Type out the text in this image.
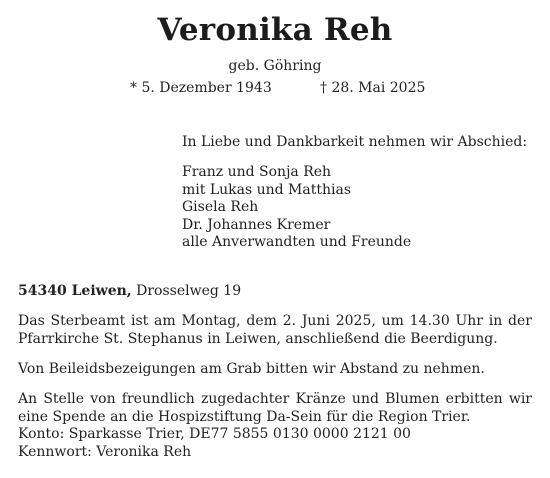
Veronika Reh
geb. Göhring
* 5. Dezember 1943	† 28. Mai 2025
In Liebe und Dankbarkeit nehmen wir Abschied:
Franz und Sonja Reh
mit Lukas und Matthias
Gisela Reh
Dr. Johannes Kremer
alle Anverwandten und Freunde
54340 Leiwen, Drosselweg 19
Das Sterbeamt ist am Montag, dem 2. Juni 2025, um 14.30 Uhr in der
Pfarrkirche St. Stephanus in Leiwen, anschließend die Beerdigung.
Von Beileidsbezeigungen am Grab bitten wir Abstand zu nehmen.
An Stelle von freundlich zugedachter Kränze und Blumen erbitten wir
eine Spende an die Hospizstiftung Da-Sein für die Region Trier.
Konto: Sparkasse Trier, DE77 5855 0130 0000 2121 00
Kennwort: Veronika Reh
